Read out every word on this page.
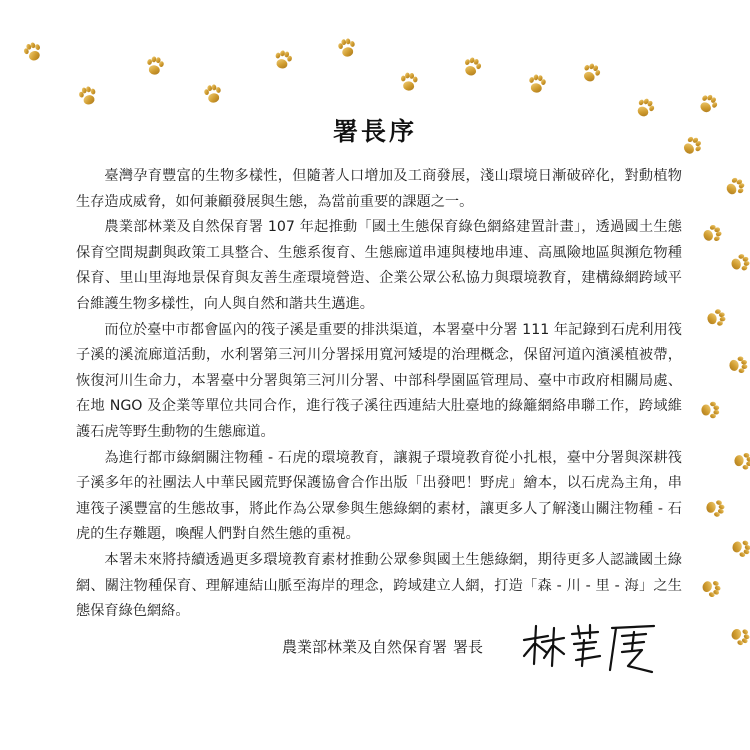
署長序

臺灣孕育豐富的生物多樣性，但隨著人口增加及工商發展，淺山環境日漸破碎化，對動植物生存造成威脅，如何兼顧發展與生態，為當前重要的課題之一。

農業部林業及自然保育署 107 年起推動「國土生態保育綠色網絡建置計畫」，透過國土生態保育空間規劃與政策工具整合、生態系復育、生態廊道串連與棲地串連、高風險地區與瀕危物種保育、里山里海地景保育與友善生產環境營造、企業公眾公私協力與環境教育，建構綠網跨域平台維護生物多樣性，向人與自然和諧共生邁進。

而位於臺中市都會區內的筏子溪是重要的排洪渠道，本署臺中分署 111 年記錄到石虎利用筏子溪的溪流廊道活動，水利署第三河川分署採用寬河矮堤的治理概念，保留河道內濱溪植被帶，恢復河川生命力，本署臺中分署與第三河川分署、中部科學園區管理局、臺中市政府相關局處、在地 NGO 及企業等單位共同合作，進行筏子溪往西連結大肚臺地的綠籬網絡串聯工作，跨域維護石虎等野生動物的生態廊道。

為進行都市綠網關注物種 - 石虎的環境教育，讓親子環境教育從小扎根，臺中分署與深耕筏子溪多年的社團法人中華民國荒野保護協會合作出版「出發吧！野虎」繪本，以石虎為主角，串連筏子溪豐富的生態故事，將此作為公眾參與生態綠網的素材，讓更多人了解淺山關注物種 - 石虎的生存難題，喚醒人們對自然生態的重視。

本署未來將持續透過更多環境教育素材推動公眾參與國土生態綠網，期待更多人認識國土綠網、關注物種保育、理解連結山脈至海岸的理念，跨域建立人網，打造「森 - 川 - 里 - 海」之生態保育綠色網絡。

農業部林業及自然保育署 署長
